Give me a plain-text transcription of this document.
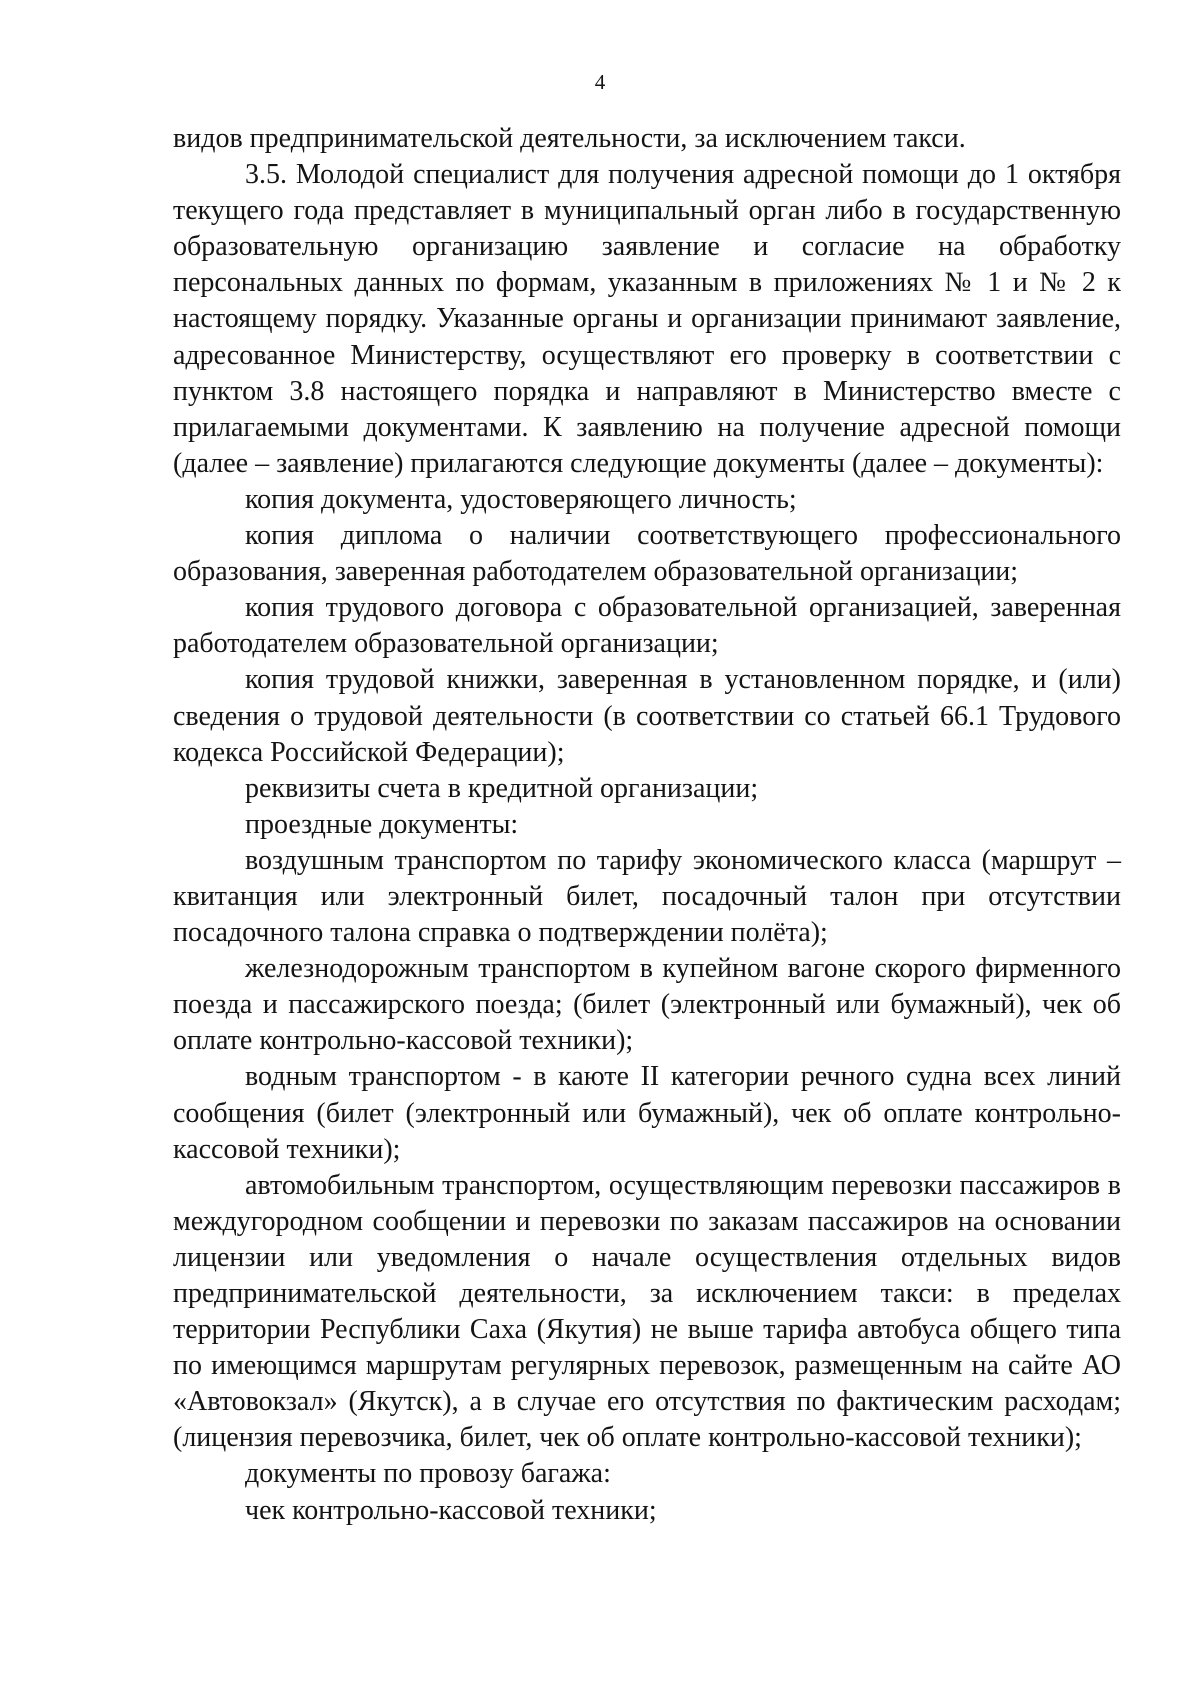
4

видов предпринимательской деятельности, за исключением такси.

3.5. Молодой специалист для получения адресной помощи до 1 октября текущего года представляет в муниципальный орган либо в государственную образовательную организацию заявление и согласие на обработку персональных данных по формам, указанным в приложениях № 1 и № 2 к настоящему порядку. Указанные органы и организации принимают заявление, адресованное Министерству, осуществляют его проверку в соответствии с пунктом 3.8 настоящего порядка и направляют в Министерство вместе с прилагаемыми документами. К заявлению на получение адресной помощи (далее – заявление) прилагаются следующие документы (далее – документы):

копия документа, удостоверяющего личность;

копия диплома о наличии соответствующего профессионального образования, заверенная работодателем образовательной организации;

копия трудового договора с образовательной организацией, заверенная работодателем образовательной организации;

копия трудовой книжки, заверенная в установленном порядке, и (или) сведения о трудовой деятельности (в соответствии со статьей 66.1 Трудового кодекса Российской Федерации);

реквизиты счета в кредитной организации;

проездные документы:

воздушным транспортом по тарифу экономического класса (маршрут – квитанция или электронный билет, посадочный талон при отсутствии посадочного талона справка о подтверждении полёта);

железнодорожным транспортом в купейном вагоне скорого фирменного поезда и пассажирского поезда; (билет (электронный или бумажный), чек об оплате контрольно-кассовой техники);

водным транспортом - в каюте II категории речного судна всех линий сообщения (билет (электронный или бумажный), чек об оплате контрольно-кассовой техники);

автомобильным транспортом, осуществляющим перевозки пассажиров в междугородном сообщении и перевозки по заказам пассажиров на основании лицензии или уведомления о начале осуществления отдельных видов предпринимательской деятельности, за исключением такси: в пределах территории Республики Саха (Якутия) не выше тарифа автобуса общего типа по имеющимся маршрутам регулярных перевозок, размещенным на сайте АО «Автовокзал» (Якутск), а в случае его отсутствия по фактическим расходам; (лицензия перевозчика, билет, чек об оплате контрольно-кассовой техники);

документы по провозу багажа:

чек контрольно-кассовой техники;
